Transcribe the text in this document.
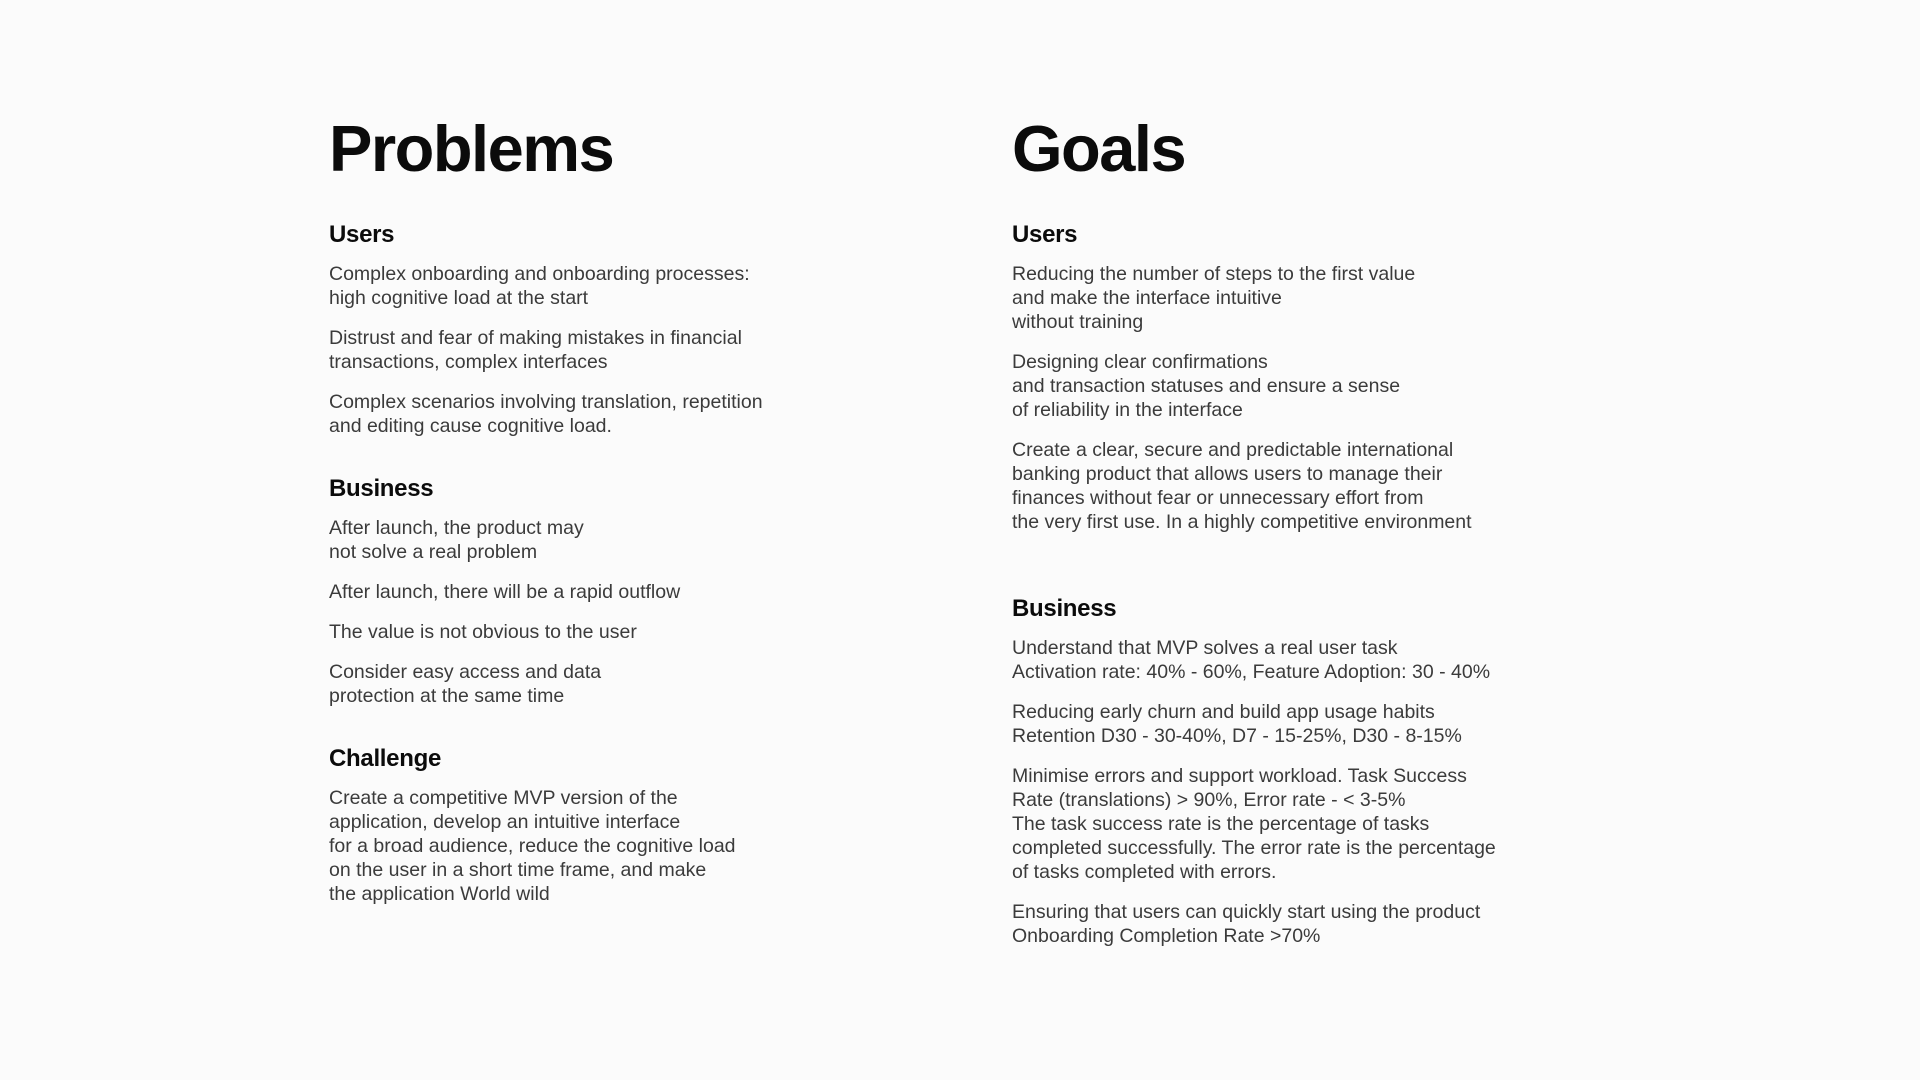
Problems
Users

Complex onboarding and onboarding processes:
high cognitive load at the start

Distrust and fear of making mistakes in financial
transactions, complex interfaces

Complex scenarios involving translation, repetition
and editing cause cognitive load.

Business

After launch, the product may
not solve a real problem

After launch, there will be a rapid outflow

The value is not obvious to the user

Consider easy access and data
protection at the same time

Challenge

Create a competitive MVP version of the
application, develop an intuitive interface
for a broad audience, reduce the cognitive load
on the user in a short time frame, and make
the application World wild

Goals
Users

Reducing the number of steps to the first value
and make the interface intuitive
without training

Designing clear confirmations
and transaction statuses and ensure a sense
of reliability in the interface

Create a clear, secure and predictable international
banking product that allows users to manage their
finances without fear or unnecessary effort from
the very first use. In a highly competitive environment

Business

Understand that MVP solves a real user task
Activation rate: 40% - 60%, Feature Adoption: 30 - 40%

Reducing early churn and build app usage habits
Retention D30 - 30-40%, D7 - 15-25%, D30 - 8-15%

Minimise errors and support workload. Task Success
Rate (translations) > 90%, Error rate - < 3-5%
The task success rate is the percentage of tasks
completed successfully. The error rate is the percentage
of tasks completed with errors.

Ensuring that users can quickly start using the product
Onboarding Completion Rate >70%
